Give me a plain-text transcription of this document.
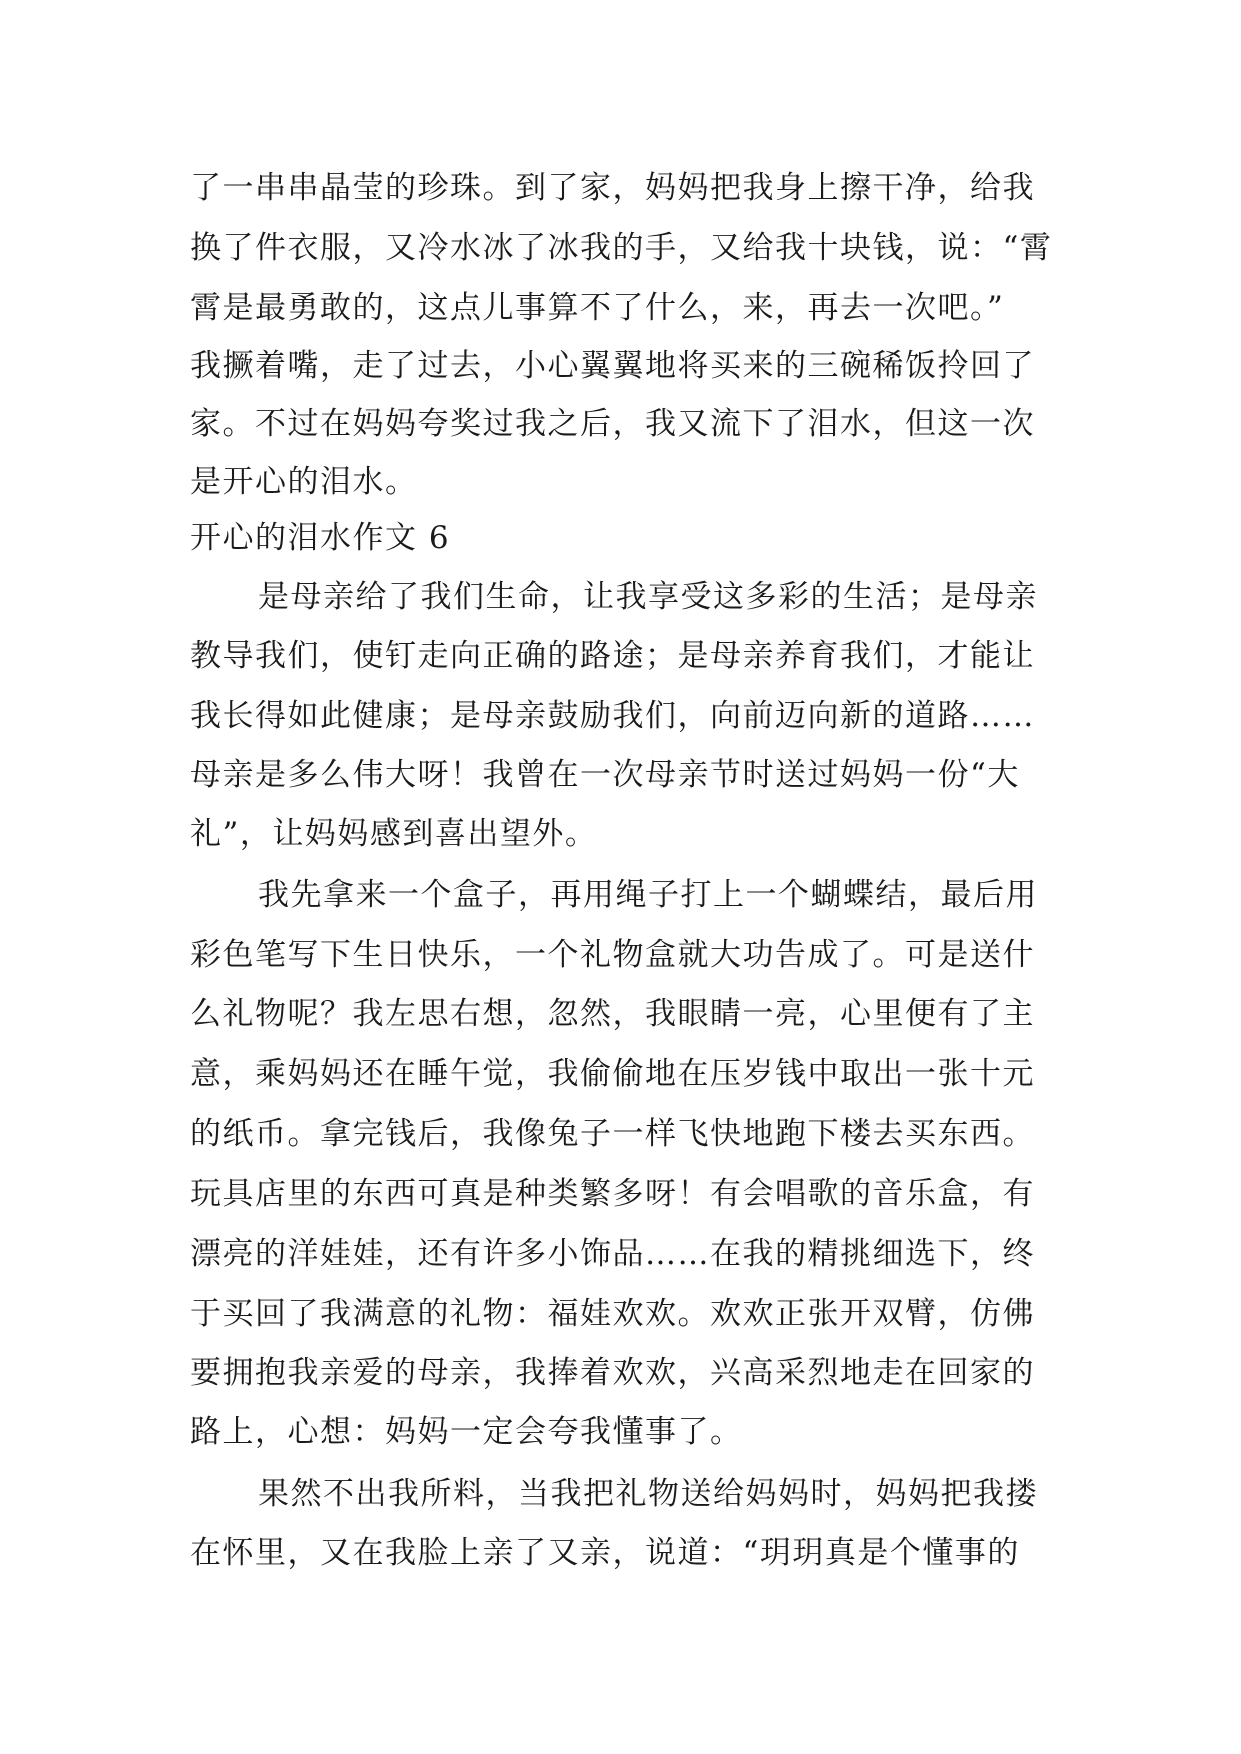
了一串串晶莹的珍珠。到了家，妈妈把我身上擦干净，给我
换了件衣服，又冷水冰了冰我的手，又给我十块钱，说：“霄
霄是最勇敢的，这点儿事算不了什么，来，再去一次吧。”
我撅着嘴，走了过去，小心翼翼地将买来的三碗稀饭拎回了
家。不过在妈妈夸奖过我之后，我又流下了泪水，但这一次
是开心的泪水。
开心的泪水作文 6
是母亲给了我们生命，让我享受这多彩的生活；是母亲
教导我们，使钉走向正确的路途；是母亲养育我们，才能让
我长得如此健康；是母亲鼓励我们，向前迈向新的道路……
母亲是多么伟大呀！我曾在一次母亲节时送过妈妈一份“大
礼”，让妈妈感到喜出望外。
我先拿来一个盒子，再用绳子打上一个蝴蝶结，最后用
彩色笔写下生日快乐，一个礼物盒就大功告成了。可是送什
么礼物呢？我左思右想，忽然，我眼睛一亮，心里便有了主
意，乘妈妈还在睡午觉，我偷偷地在压岁钱中取出一张十元
的纸币。拿完钱后，我像兔子一样飞快地跑下楼去买东西。
玩具店里的东西可真是种类繁多呀！有会唱歌的音乐盒，有
漂亮的洋娃娃，还有许多小饰品……在我的精挑细选下，终
于买回了我满意的礼物：福娃欢欢。欢欢正张开双臂，仿佛
要拥抱我亲爱的母亲，我捧着欢欢，兴高采烈地走在回家的
路上，心想：妈妈一定会夸我懂事了。
果然不出我所料，当我把礼物送给妈妈时，妈妈把我搂
在怀里，又在我脸上亲了又亲，说道：“玥玥真是个懂事的
